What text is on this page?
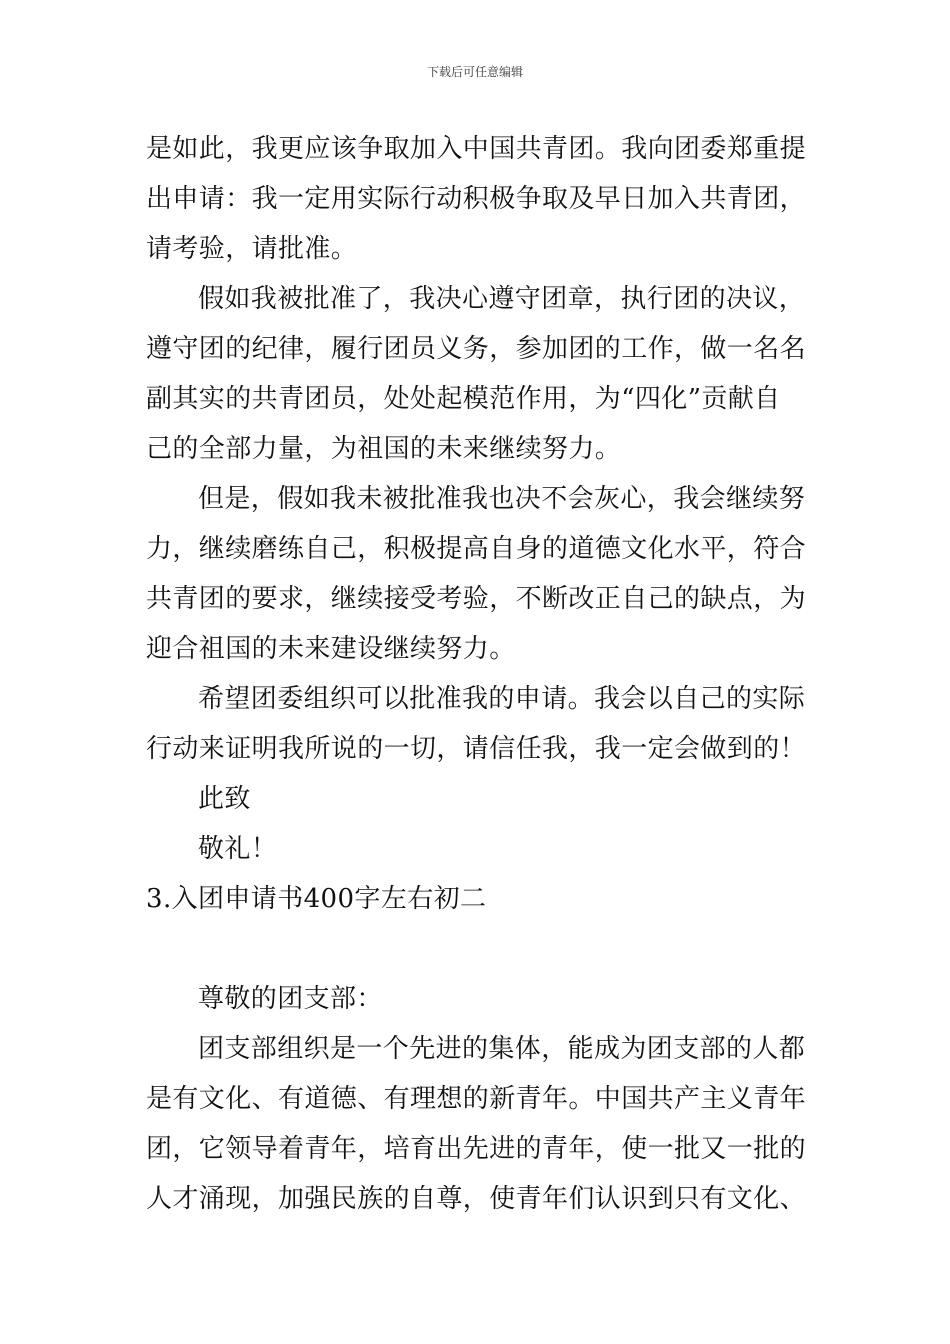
下载后可任意编辑
是如此，我更应该争取加入中国共青团。我向团委郑重提
出申请：我一定用实际行动积极争取及早日加入共青团，
请考验，请批准。
假如我被批准了，我决心遵守团章，执行团的决议，
遵守团的纪律，履行团员义务，参加团的工作，做一名名
副其实的共青团员，处处起模范作用，为“四化”贡献自
己的全部力量，为祖国的未来继续努力。
但是，假如我未被批准我也决不会灰心，我会继续努
力，继续磨练自己，积极提高自身的道德文化水平，符合
共青团的要求，继续接受考验，不断改正自己的缺点，为
迎合祖国的未来建设继续努力。
希望团委组织可以批准我的申请。我会以自己的实际
行动来证明我所说的一切，请信任我，我一定会做到的！
此致
敬礼！
3.入团申请书400字左右初二
尊敬的团支部：
团支部组织是一个先进的集体，能成为团支部的人都
是有文化、有道德、有理想的新青年。中国共产主义青年
团，它领导着青年，培育出先进的青年，使一批又一批的
人才涌现，加强民族的自尊，使青年们认识到只有文化、
